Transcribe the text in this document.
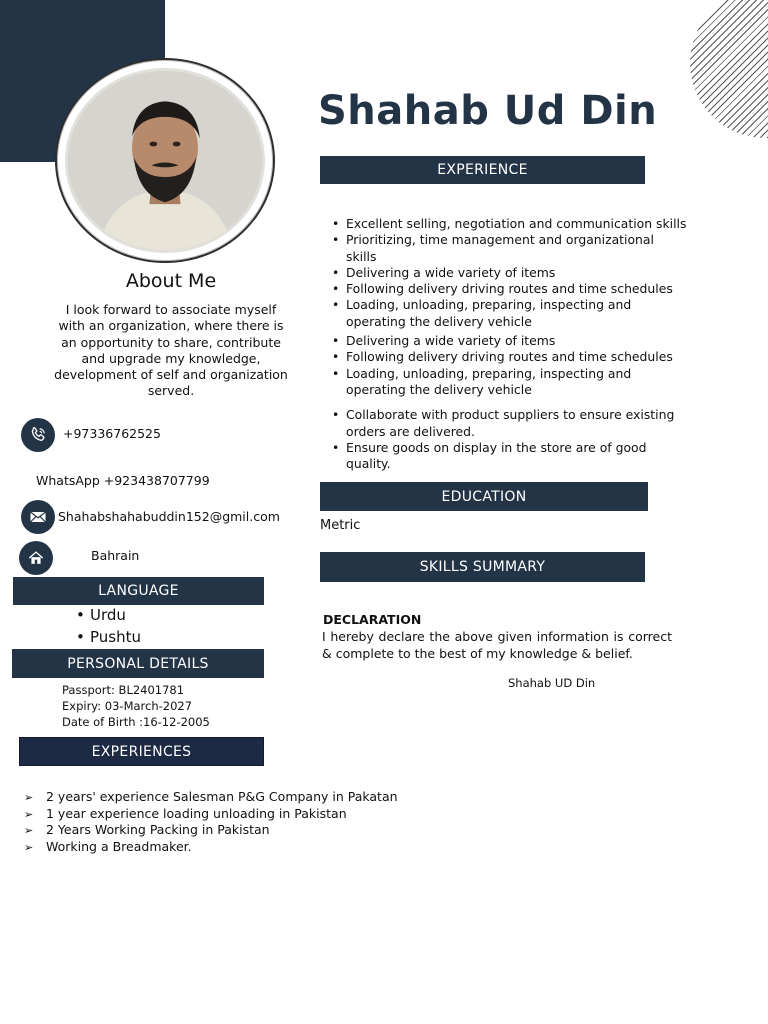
Shahab Ud Din
About Me
I look forward to associate myself with an organization, where there is an opportunity to share, contribute and upgrade my knowledge, development of self and organization served.
+97336762525
WhatsApp +923438707799
Shahabshahabuddin152@gmil.com
Bahrain
LANGUAGE
• Urdu
• Pushtu
PERSONAL DETAILS
Passport: BL2401781
Expiry: 03-March-2027
Date of Birth :16-12-2005
EXPERIENCES
➢ 2 years' experience Salesman P&G Company in Pakatan
➢ 1 year experience loading unloading in Pakistan
➢ 2 Years Working Packing in Pakistan
➢ Working a Breadmaker.
EXPERIENCE
• Excellent selling, negotiation and communication skills
• Prioritizing, time management and organizational skills
• Delivering a wide variety of items
• Following delivery driving routes and time schedules
• Loading, unloading, preparing, inspecting and operating the delivery vehicle
• Delivering a wide variety of items
• Following delivery driving routes and time schedules
• Loading, unloading, preparing, inspecting and operating the delivery vehicle
• Collaborate with product suppliers to ensure existing orders are delivered.
• Ensure goods on display in the store are of good quality.
EDUCATION
Metric
SKILLS SUMMARY
DECLARATION
I hereby declare the above given information is correct & complete to the best of my knowledge & belief.
Shahab UD Din
